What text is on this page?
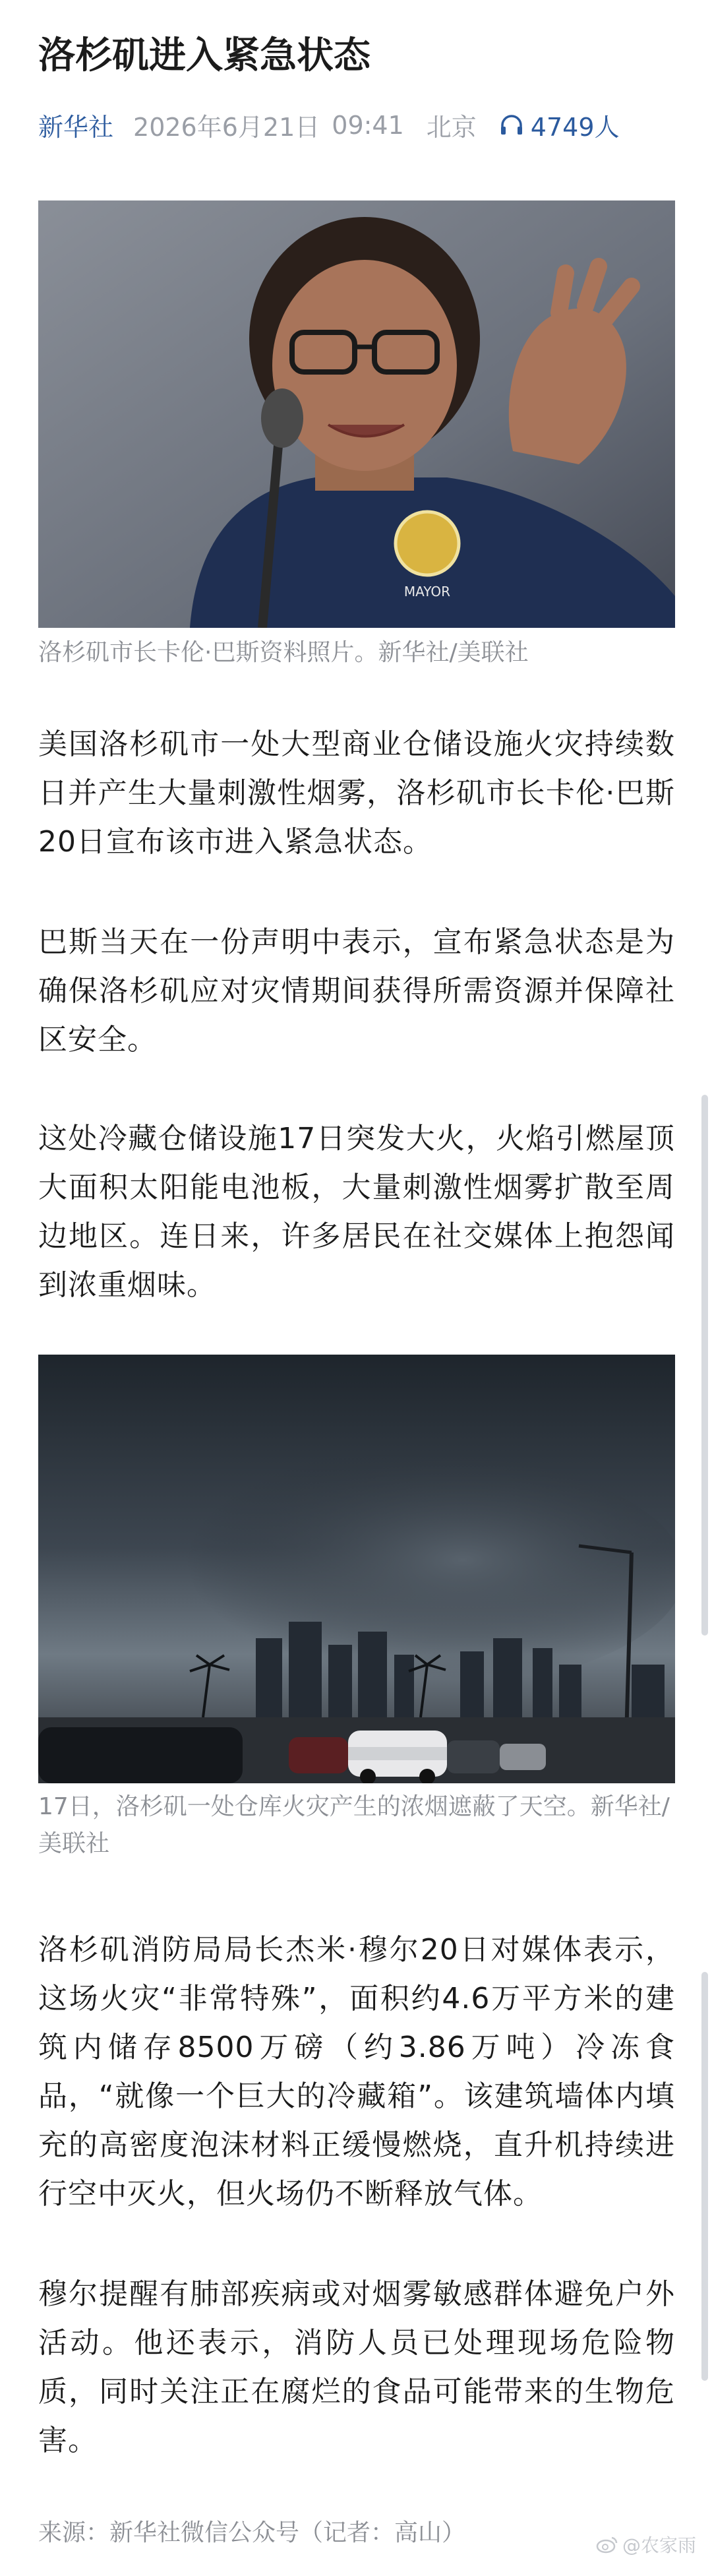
洛杉矶进入紧急状态
新华社 2026年6月21日 09:41 北京 4749人
MAYOR
洛杉矶市长卡伦·巴斯资料照片。新华社/美联社
美国洛杉矶市一处大型商业仓储设施火灾持续数日并产生大量刺激性烟雾，洛杉矶市长卡伦·巴斯20日宣布该市进入紧急状态。
巴斯当天在一份声明中表示，宣布紧急状态是为确保洛杉矶应对灾情期间获得所需资源并保障社区安全。
这处冷藏仓储设施17日突发大火，火焰引燃屋顶大面积太阳能电池板，大量刺激性烟雾扩散至周边地区。连日来，许多居民在社交媒体上抱怨闻到浓重烟味。
17日，洛杉矶一处仓库火灾产生的浓烟遮蔽了天空。新华社/美联社
洛杉矶消防局局长杰米·穆尔20日对媒体表示，这场火灾“非常特殊”，面积约4.6万平方米的建筑内储存8500万磅（约3.86万吨）冷冻食品，“就像一个巨大的冷藏箱”。该建筑墙体内填充的高密度泡沫材料正缓慢燃烧，直升机持续进行空中灭火，但火场仍不断释放气体。
穆尔提醒有肺部疾病或对烟雾敏感群体避免户外活动。他还表示，消防人员已处理现场危险物质，同时关注正在腐烂的食品可能带来的生物危害。
来源：新华社微信公众号（记者：高山）	@农家雨
